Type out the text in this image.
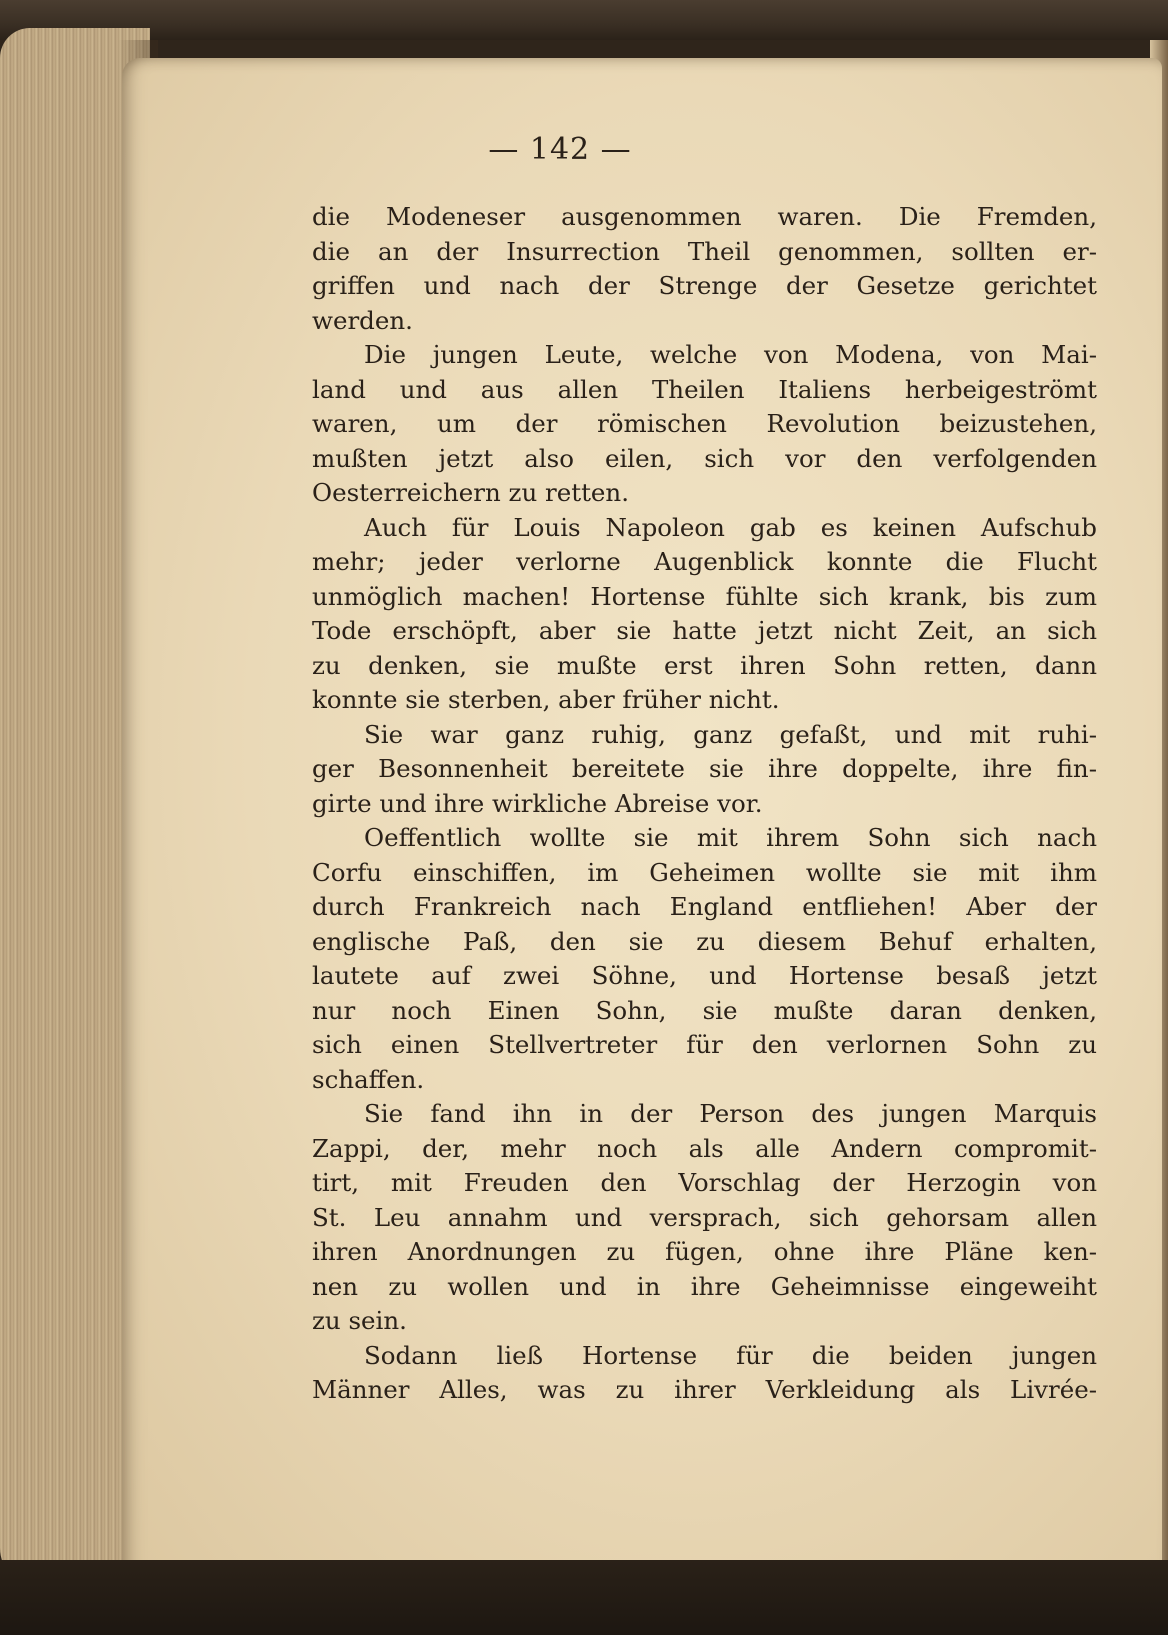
— 142 —
die Modeneser ausgenommen waren. Die Fremden,
die an der Insurrection Theil genommen, sollten er-
griffen und nach der Strenge der Gesetze gerichtet
werden.
Die jungen Leute, welche von Modena, von Mai-
land und aus allen Theilen Italiens herbeigeströmt
waren, um der römischen Revolution beizustehen,
mußten jetzt also eilen, sich vor den verfolgenden
Oesterreichern zu retten.
Auch für Louis Napoleon gab es keinen Aufschub
mehr; jeder verlorne Augenblick konnte die Flucht
unmöglich machen! Hortense fühlte sich krank, bis zum
Tode erschöpft, aber sie hatte jetzt nicht Zeit, an sich
zu denken, sie mußte erst ihren Sohn retten, dann
konnte sie sterben, aber früher nicht.
Sie war ganz ruhig, ganz gefaßt, und mit ruhi-
ger Besonnenheit bereitete sie ihre doppelte, ihre fin-
girte und ihre wirkliche Abreise vor.
Oeffentlich wollte sie mit ihrem Sohn sich nach
Corfu einschiffen, im Geheimen wollte sie mit ihm
durch Frankreich nach England entfliehen! Aber der
englische Paß, den sie zu diesem Behuf erhalten,
lautete auf zwei Söhne, und Hortense besaß jetzt
nur noch Einen Sohn, sie mußte daran denken,
sich einen Stellvertreter für den verlornen Sohn zu
schaffen.
Sie fand ihn in der Person des jungen Marquis
Zappi, der, mehr noch als alle Andern compromit-
tirt, mit Freuden den Vorschlag der Herzogin von
St. Leu annahm und versprach, sich gehorsam allen
ihren Anordnungen zu fügen, ohne ihre Pläne ken-
nen zu wollen und in ihre Geheimnisse eingeweiht
zu sein.
Sodann ließ Hortense für die beiden jungen
Männer Alles, was zu ihrer Verkleidung als Livrée-
